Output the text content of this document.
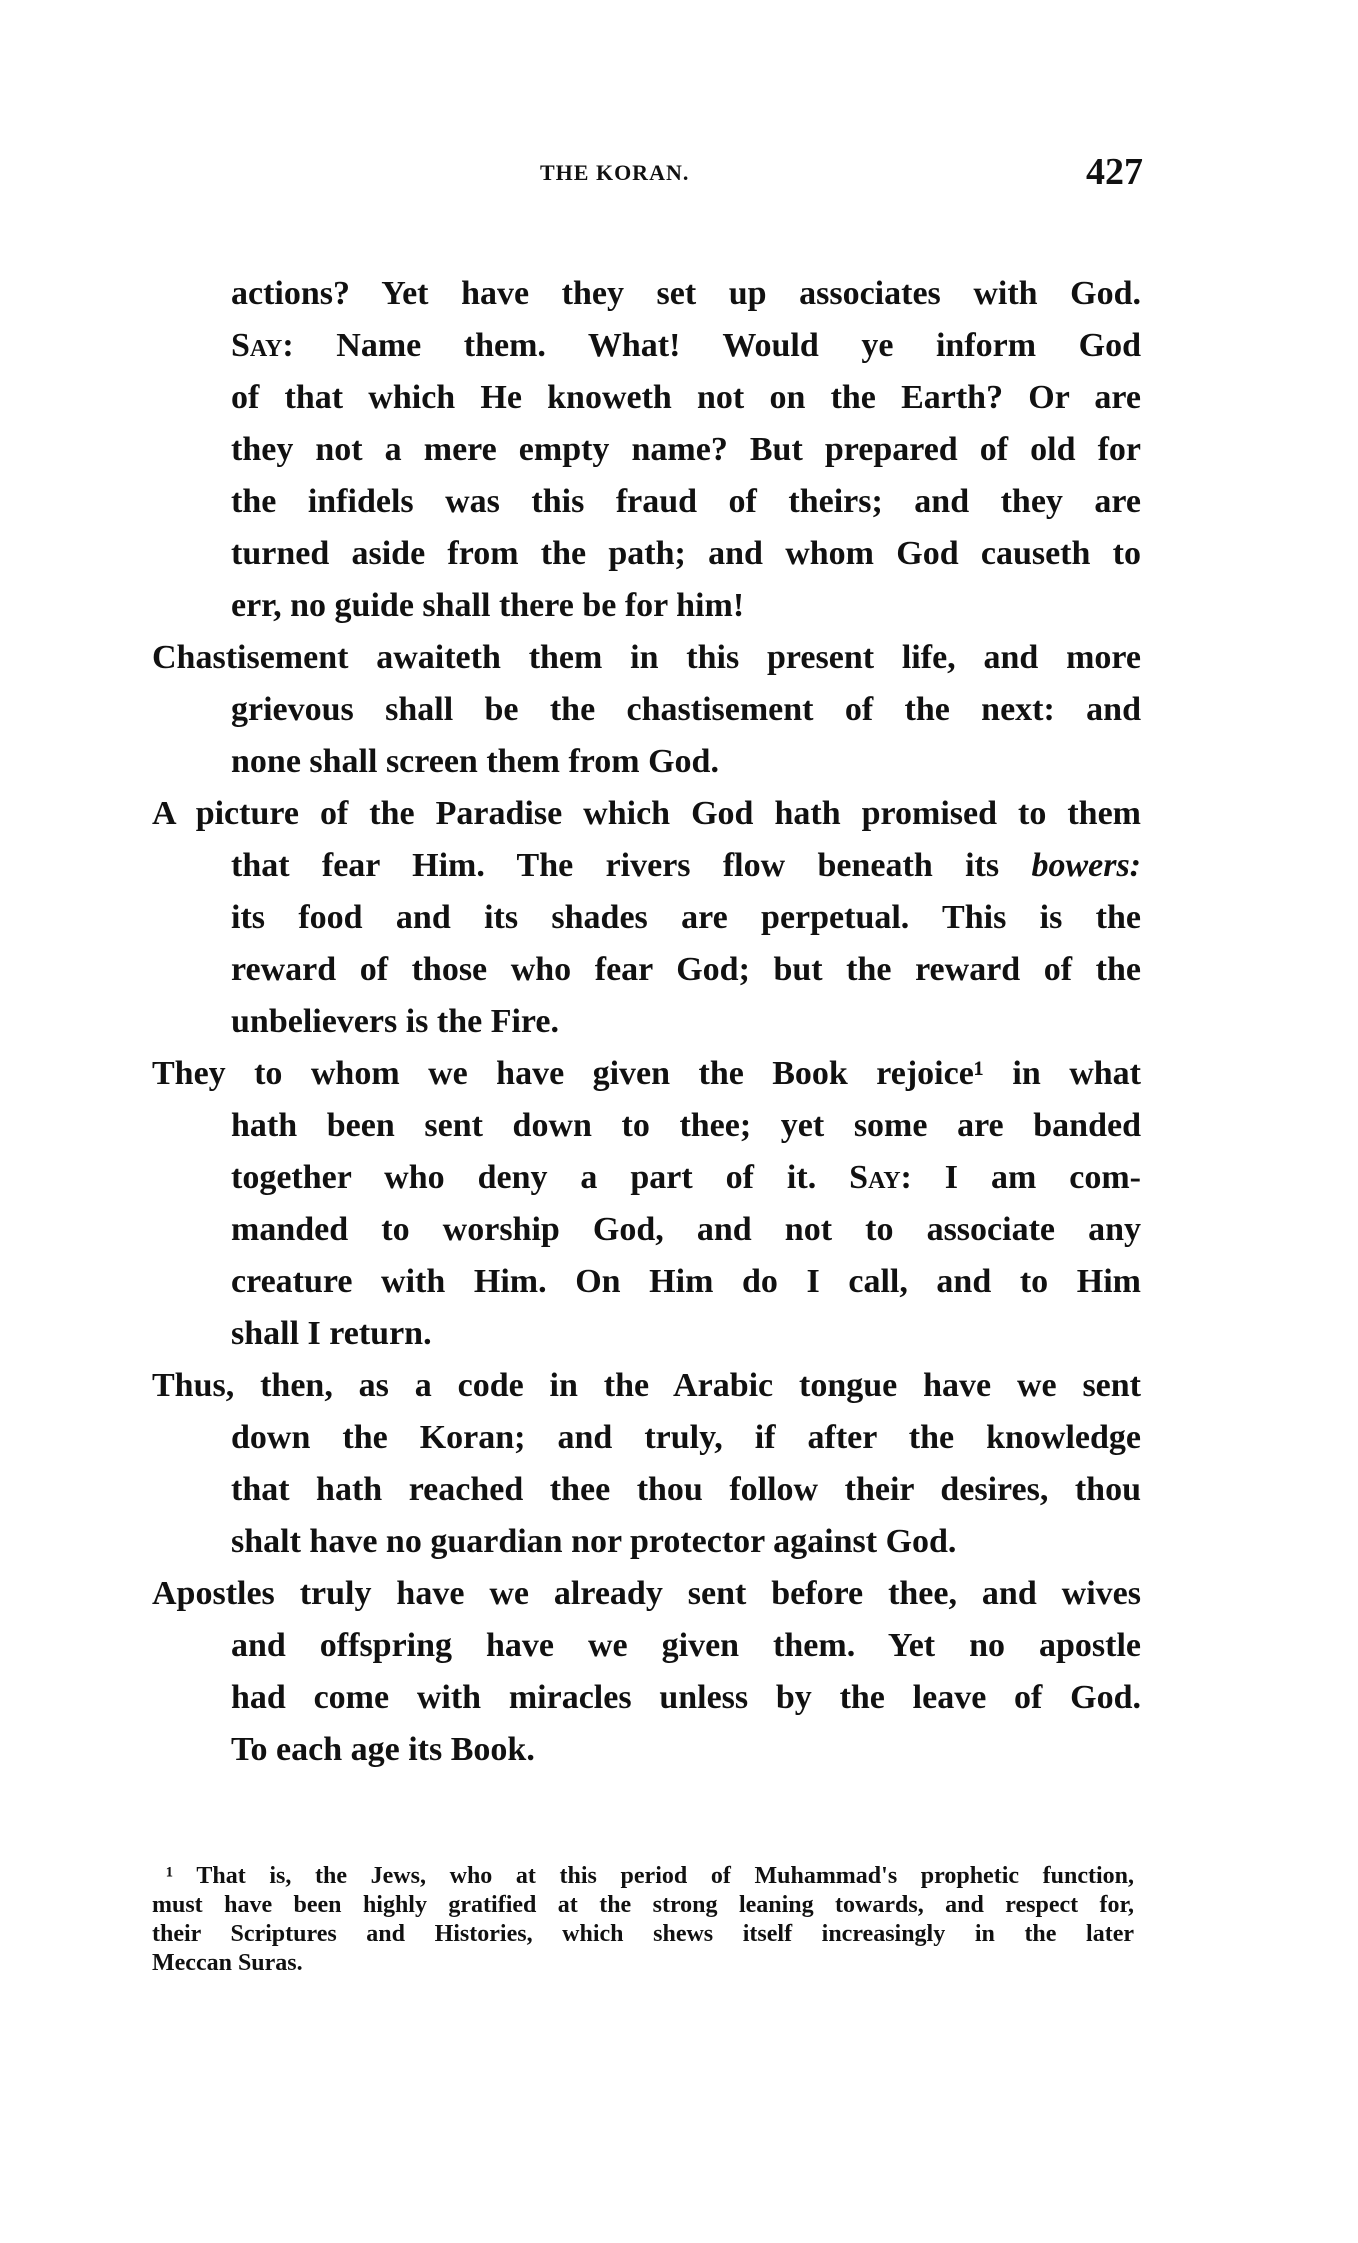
THE KORAN.	427
actions? Yet have they set up associates with God.
Say: Name them. What! Would ye inform God
of that which He knoweth not on the Earth? Or are
they not a mere empty name? But prepared of old for
the infidels was this fraud of theirs; and they are
turned aside from the path; and whom God causeth to
err, no guide shall there be for him!
Chastisement awaiteth them in this present life, and more
grievous shall be the chastisement of the next: and
none shall screen them from God.
A picture of the Paradise which God hath promised to them
that fear Him. The rivers flow beneath its bowers:
its food and its shades are perpetual. This is the
reward of those who fear God; but the reward of the
unbelievers is the Fire.
They to whom we have given the Book rejoice¹ in what
hath been sent down to thee; yet some are banded
together who deny a part of it. Say: I am com-
manded to worship God, and not to associate any
creature with Him. On Him do I call, and to Him
shall I return.
Thus, then, as a code in the Arabic tongue have we sent
down the Koran; and truly, if after the knowledge
that hath reached thee thou follow their desires, thou
shalt have no guardian nor protector against God.
Apostles truly have we already sent before thee, and wives
and offspring have we given them. Yet no apostle
had come with miracles unless by the leave of God.
To each age its Book.
¹ That is, the Jews, who at this period of Muhammad's prophetic function,
must have been highly gratified at the strong leaning towards, and respect for,
their Scriptures and Histories, which shews itself increasingly in the later
Meccan Suras.
